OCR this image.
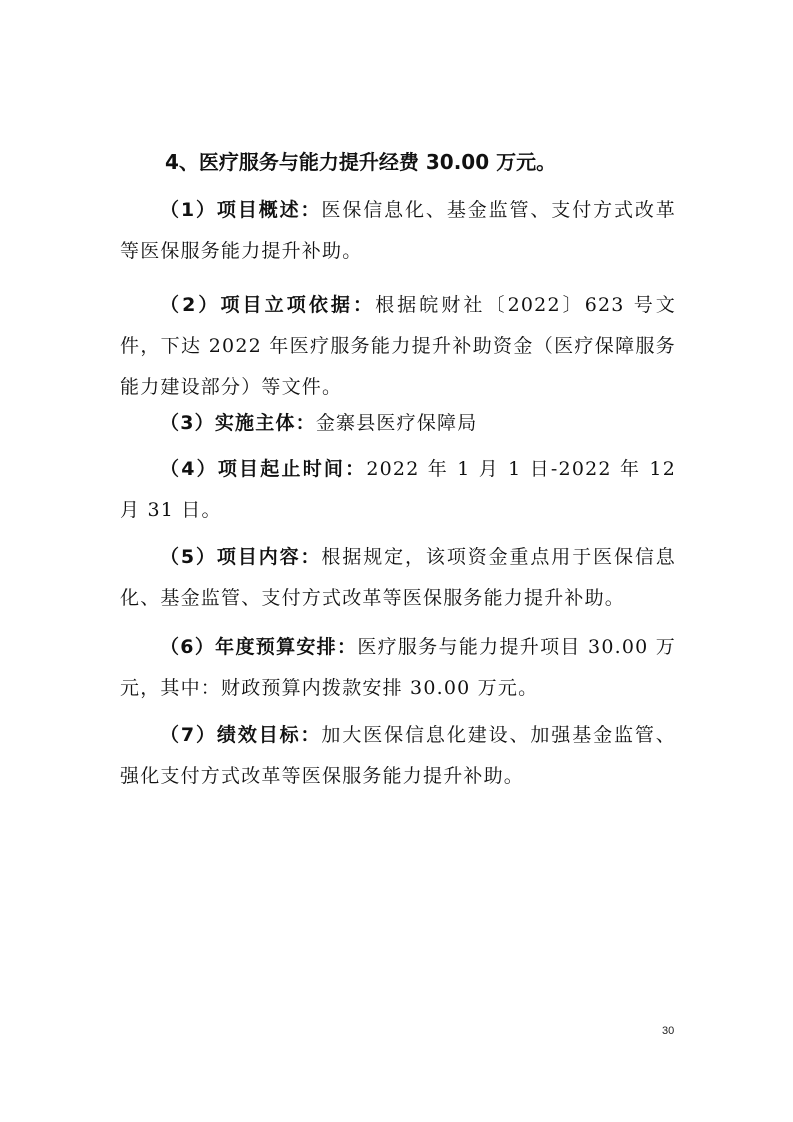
4、医疗服务与能力提升经费 30.00 万元。

（1）项目概述：医保信息化、基金监管、支付方式改革等医保服务能力提升补助。

（2）项目立项依据：根据皖财社〔2022〕623 号文件，下达 2022 年医疗服务能力提升补助资金（医疗保障服务能力建设部分）等文件。

（3）实施主体：金寨县医疗保障局

（4）项目起止时间：2022 年 1 月 1 日-2022 年 12 月 31 日。

（5）项目内容：根据规定，该项资金重点用于医保信息化、基金监管、支付方式改革等医保服务能力提升补助。

（6）年度预算安排：医疗服务与能力提升项目 30.00 万元，其中：财政预算内拨款安排 30.00 万元。

（7）绩效目标：加大医保信息化建设、加强基金监管、强化支付方式改革等医保服务能力提升补助。

30
